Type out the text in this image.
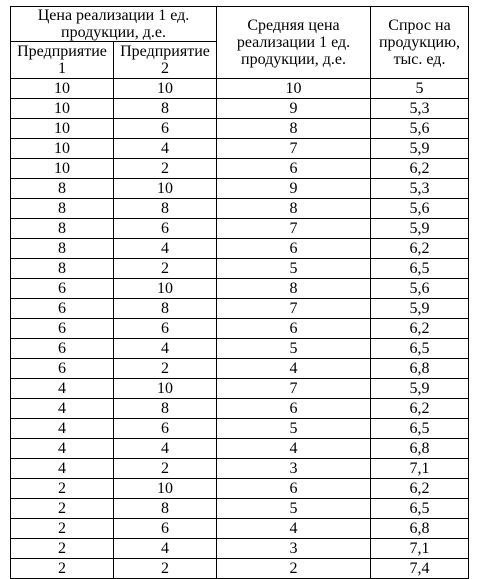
Цена реализации 1 ед. продукции, д.е.		Средняя цена реализации 1 ед. продукции, д.е.	Спрос на продукцию, тыс. ед.
Предприятие 1	Предприятие 2		
10	10	10	5
10	8	9	5,3
10	6	8	5,6
10	4	7	5,9
10	2	6	6,2
8	10	9	5,3
8	8	8	5,6
8	6	7	5,9
8	4	6	6,2
8	2	5	6,5
6	10	8	5,6
6	8	7	5,9
6	6	6	6,2
6	4	5	6,5
6	2	4	6,8
4	10	7	5,9
4	8	6	6,2
4	6	5	6,5
4	4	4	6,8
4	2	3	7,1
2	10	6	6,2
2	8	5	6,5
2	6	4	6,8
2	4	3	7,1
2	2	2	7,4
